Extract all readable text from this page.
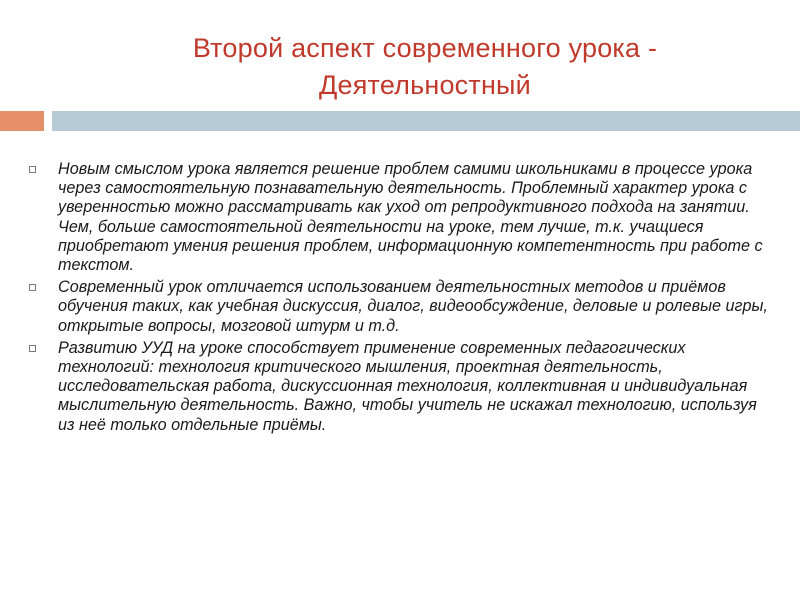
Второй аспект современного урока -
Деятельностный
Новым смыслом урока является решение проблем самими школьниками в процессе урока через самостоятельную познавательную деятельность. Проблемный характер урока с уверенностью можно рассматривать как уход от репродуктивного подхода на занятии. Чем, больше самостоятельной деятельности на уроке, тем лучше, т.к. учащиеся приобретают умения решения проблем, информационную компетентность при работе с текстом.
Современный урок отличается использованием деятельностных методов и приёмов обучения таких, как учебная дискуссия, диалог, видеообсуждение, деловые и ролевые игры, открытые вопросы, мозговой штурм и т.д.
Развитию УУД на уроке способствует применение современных педагогических технологий: технология критического мышления, проектная деятельность, исследовательская работа, дискуссионная технология, коллективная и индивидуальная мыслительную деятельность. Важно, чтобы учитель не искажал технологию, используя из неё только отдельные приёмы.
